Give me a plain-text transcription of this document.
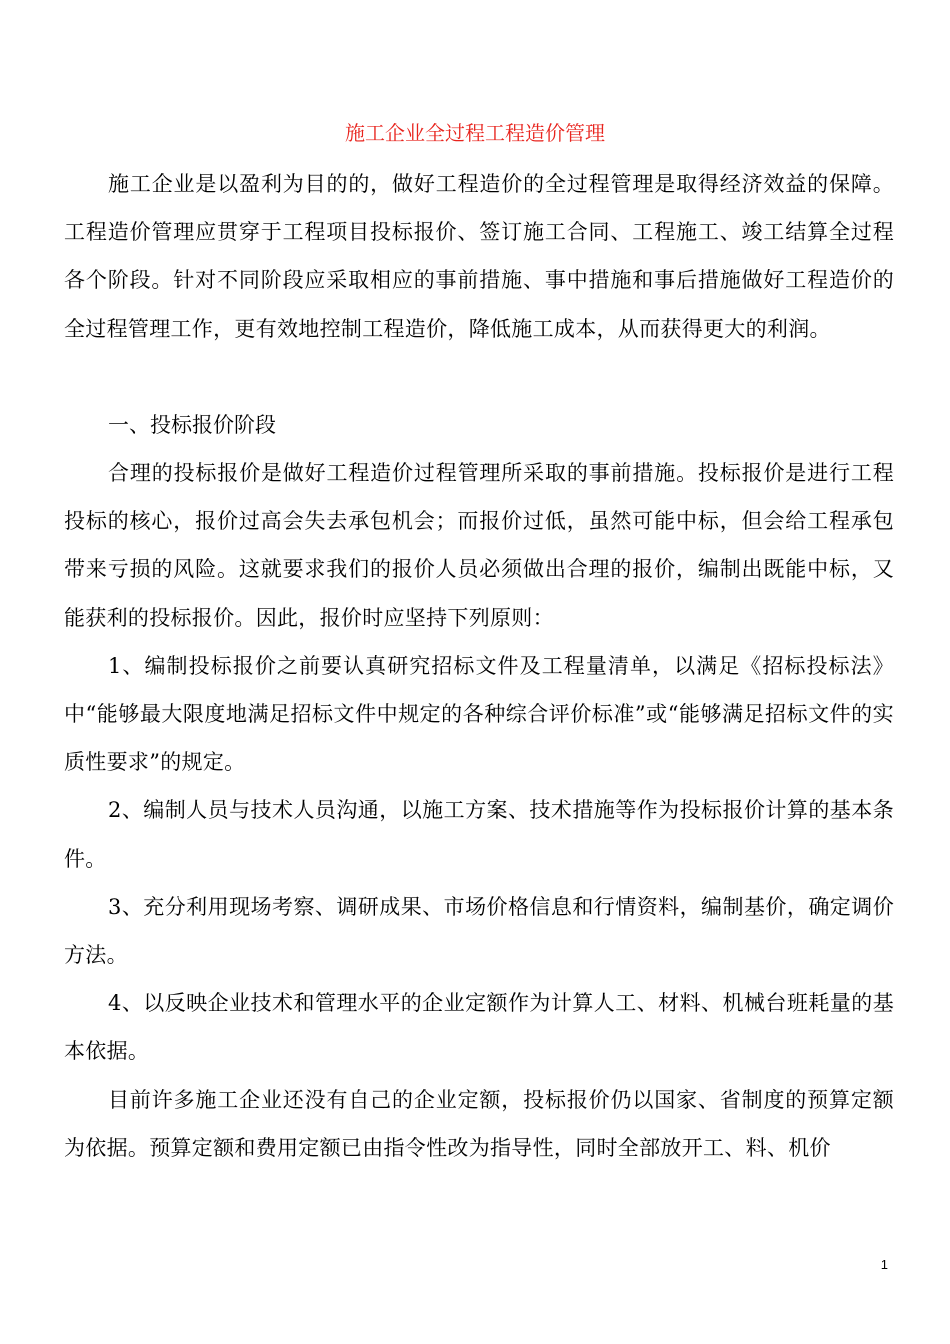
施工企业全过程工程造价管理

施工企业是以盈利为目的的，做好工程造价的全过程管理是取得经济效益的保障。工程造价管理应贯穿于工程项目投标报价、签订施工合同、工程施工、竣工结算全过程各个阶段。针对不同阶段应采取相应的事前措施、事中措施和事后措施做好工程造价的全过程管理工作，更有效地控制工程造价，降低施工成本，从而获得更大的利润。

一、投标报价阶段

合理的投标报价是做好工程造价过程管理所采取的事前措施。投标报价是进行工程投标的核心，报价过高会失去承包机会；而报价过低，虽然可能中标，但会给工程承包带来亏损的风险。这就要求我们的报价人员必须做出合理的报价，编制出既能中标，又能获利的投标报价。因此，报价时应坚持下列原则：

1、编制投标报价之前要认真研究招标文件及工程量清单，以满足《招标投标法》中“能够最大限度地满足招标文件中规定的各种综合评价标准”或“能够满足招标文件的实质性要求”的规定。

2、编制人员与技术人员沟通，以施工方案、技术措施等作为投标报价计算的基本条件。

3、充分利用现场考察、调研成果、市场价格信息和行情资料，编制基价，确定调价方法。

4、以反映企业技术和管理水平的企业定额作为计算人工、材料、机械台班耗量的基本依据。

目前许多施工企业还没有自己的企业定额，投标报价仍以国家、省制度的预算定额为依据。预算定额和费用定额已由指令性改为指导性，同时全部放开工、料、机价

1
